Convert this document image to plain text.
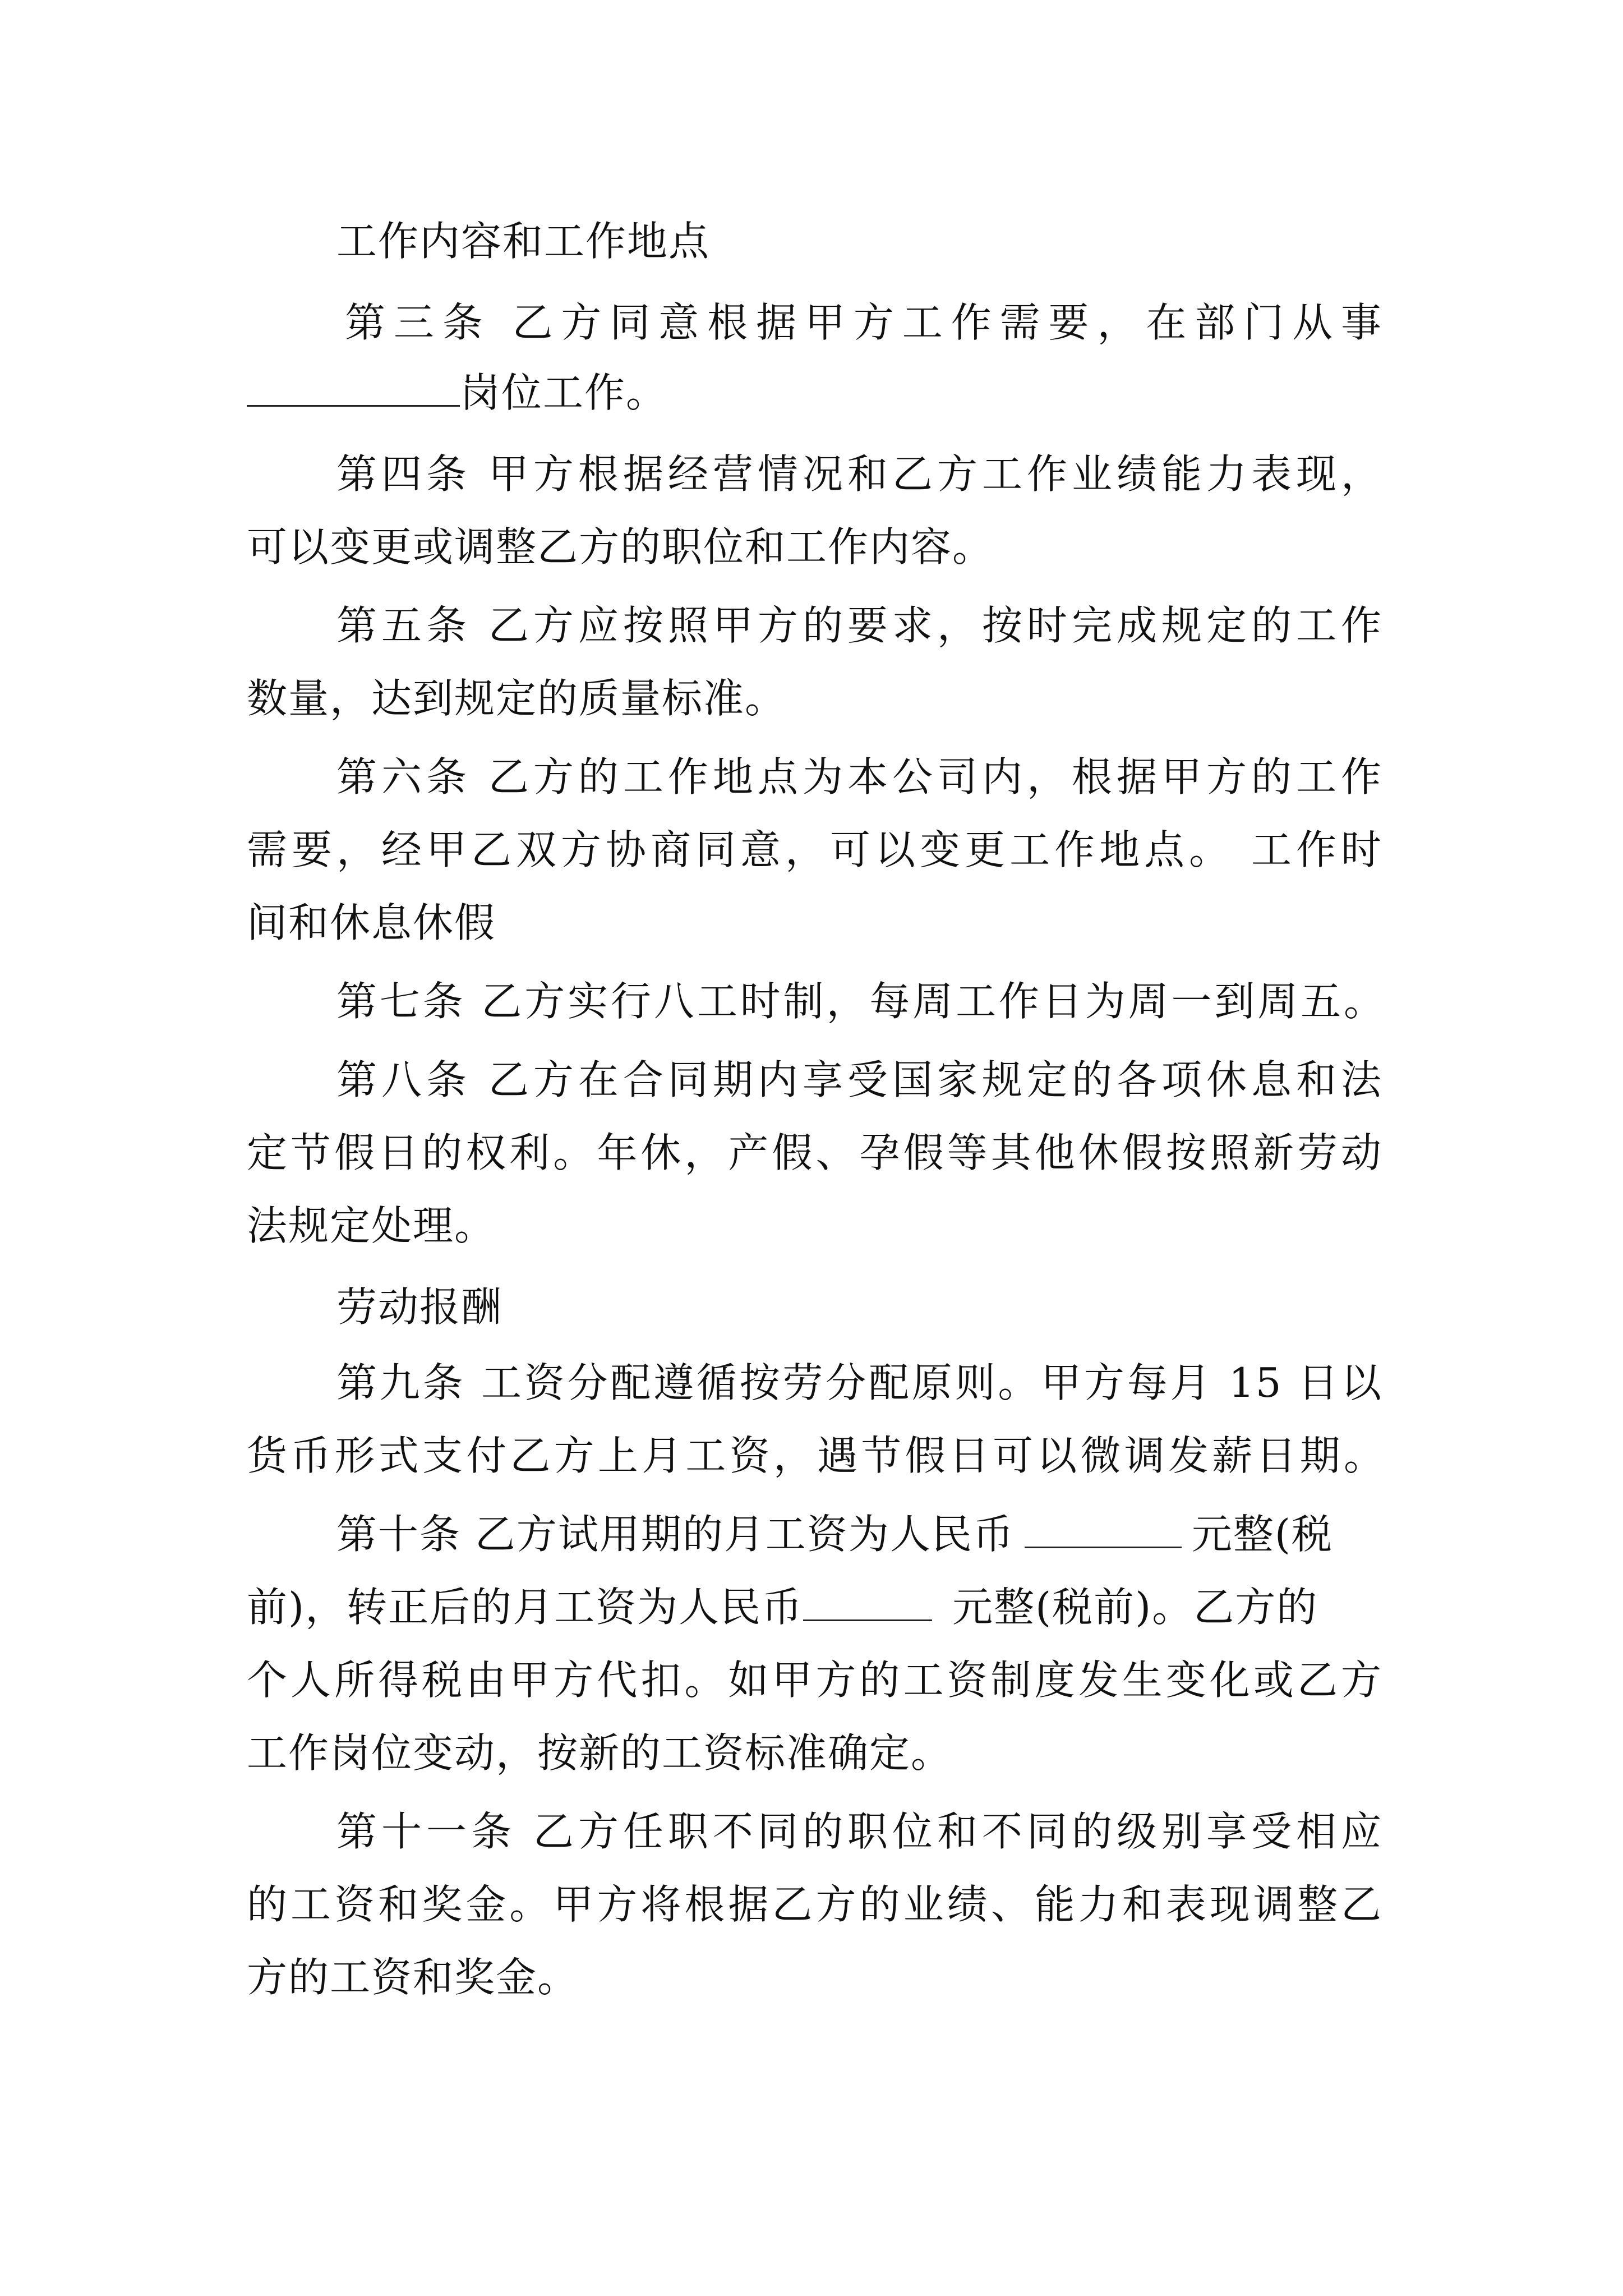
工作内容和工作地点
第三条 乙方同意根据甲方工作需要，在部门从事
岗位工作。
第四条 甲方根据经营情况和乙方工作业绩能力表现，
可以变更或调整乙方的职位和工作内容。
第五条 乙方应按照甲方的要求，按时完成规定的工作
数量，达到规定的质量标准。
第六条 乙方的工作地点为本公司内，根据甲方的工作
需要，经甲乙双方协商同意，可以变更工作地点。 工作时
间和休息休假
第七条 乙方实行八工时制，每周工作日为周一到周五。
第八条 乙方在合同期内享受国家规定的各项休息和法
定节假日的权利。年休，产假、孕假等其他休假按照新劳动
法规定处理。
劳动报酬
第九条 工资分配遵循按劳分配原则。甲方每月 15 日以
货币形式支付乙方上月工资，遇节假日可以微调发薪日期。
第十条 乙方试用期的月工资为人民币	元整(税
前)，转正后的月工资为人民币	元整(税前)。乙方的
个人所得税由甲方代扣。如甲方的工资制度发生变化或乙方
工作岗位变动，按新的工资标准确定。
第十一条 乙方任职不同的职位和不同的级别享受相应
的工资和奖金。甲方将根据乙方的业绩、能力和表现调整乙
方的工资和奖金。
